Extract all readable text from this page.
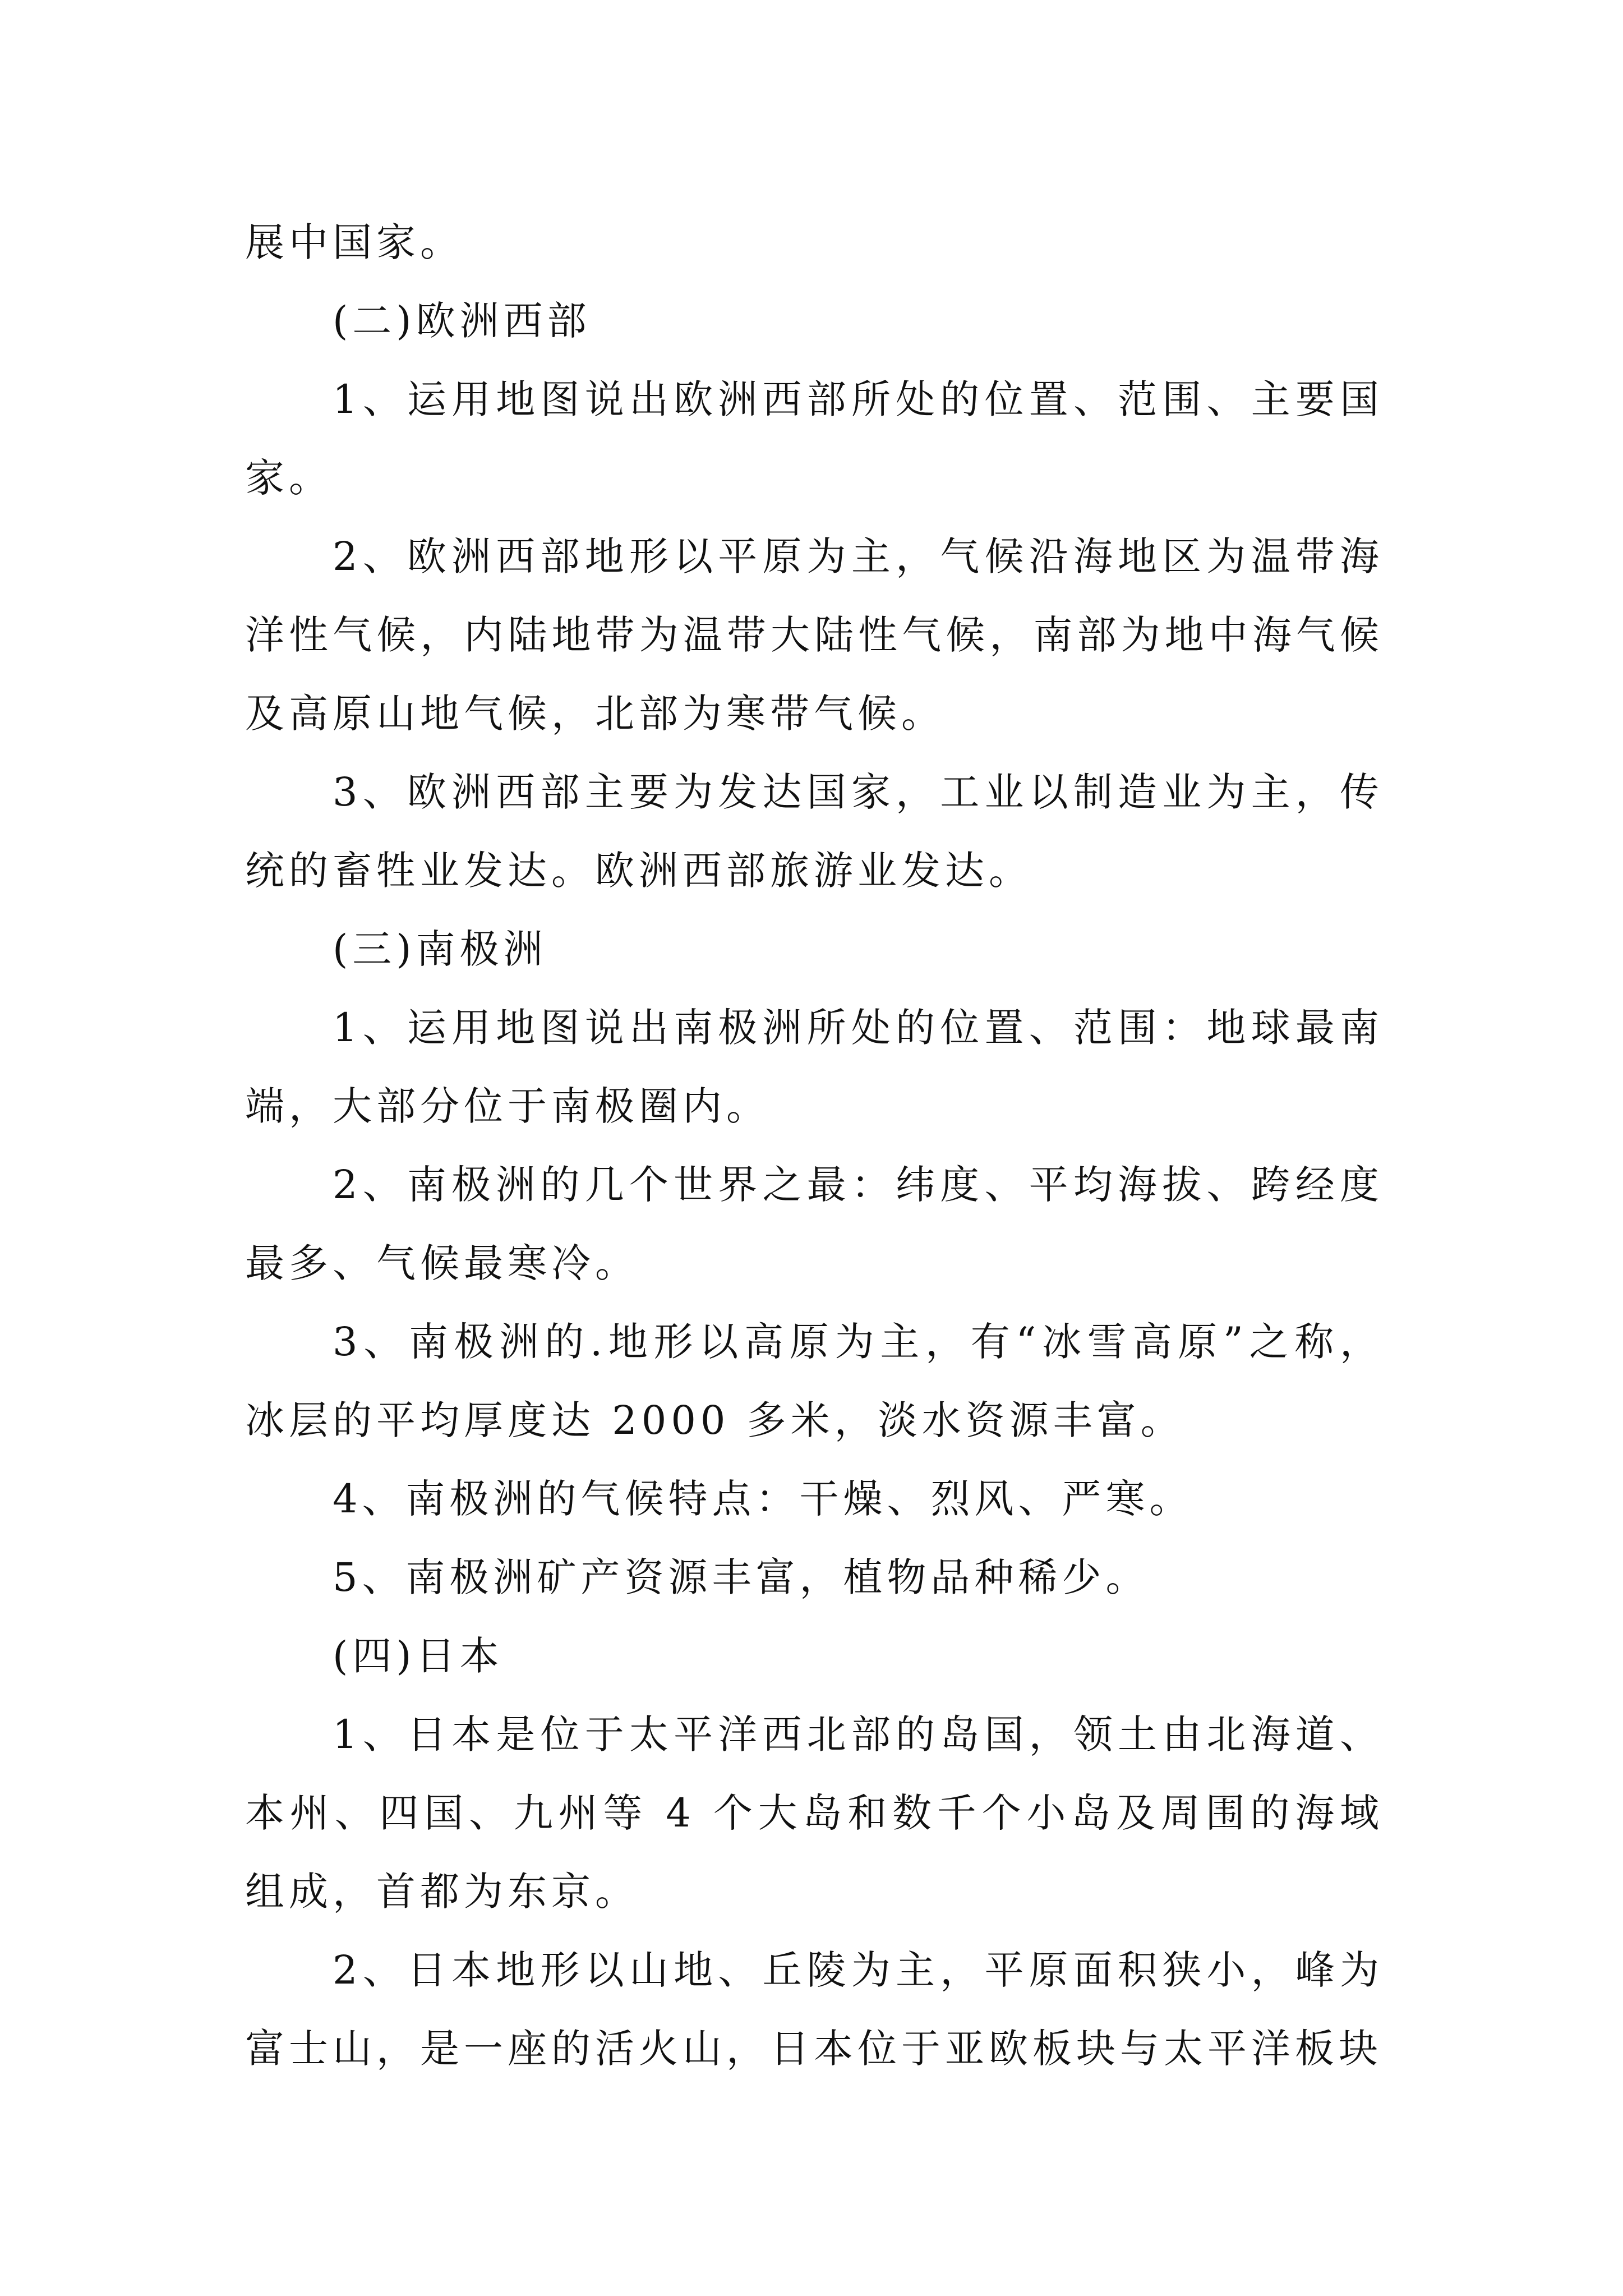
展中国家。

(二)欧洲西部

1、运用地图说出欧洲西部所处的位置、范围、主要国家。

2、欧洲西部地形以平原为主，气候沿海地区为温带海洋性气候，内陆地带为温带大陆性气候，南部为地中海气候及高原山地气候，北部为寒带气候。

3、欧洲西部主要为发达国家，工业以制造业为主，传统的畜牲业发达。欧洲西部旅游业发达。

(三)南极洲

1、运用地图说出南极洲所处的位置、范围：地球最南端，大部分位于南极圈内。

2、南极洲的几个世界之最：纬度、平均海拔、跨经度最多、气候最寒冷。

3、南极洲的.地形以高原为主，有“冰雪高原”之称，冰层的平均厚度达 2000 多米，淡水资源丰富。

4、南极洲的气候特点：干燥、烈风、严寒。

5、南极洲矿产资源丰富，植物品种稀少。

(四)日本

1、日本是位于太平洋西北部的岛国，领土由北海道、本州、四国、九州等 4 个大岛和数千个小岛及周围的海域组成，首都为东京。

2、日本地形以山地、丘陵为主，平原面积狭小，峰为富士山，是一座的活火山，日本位于亚欧板块与太平洋板块
